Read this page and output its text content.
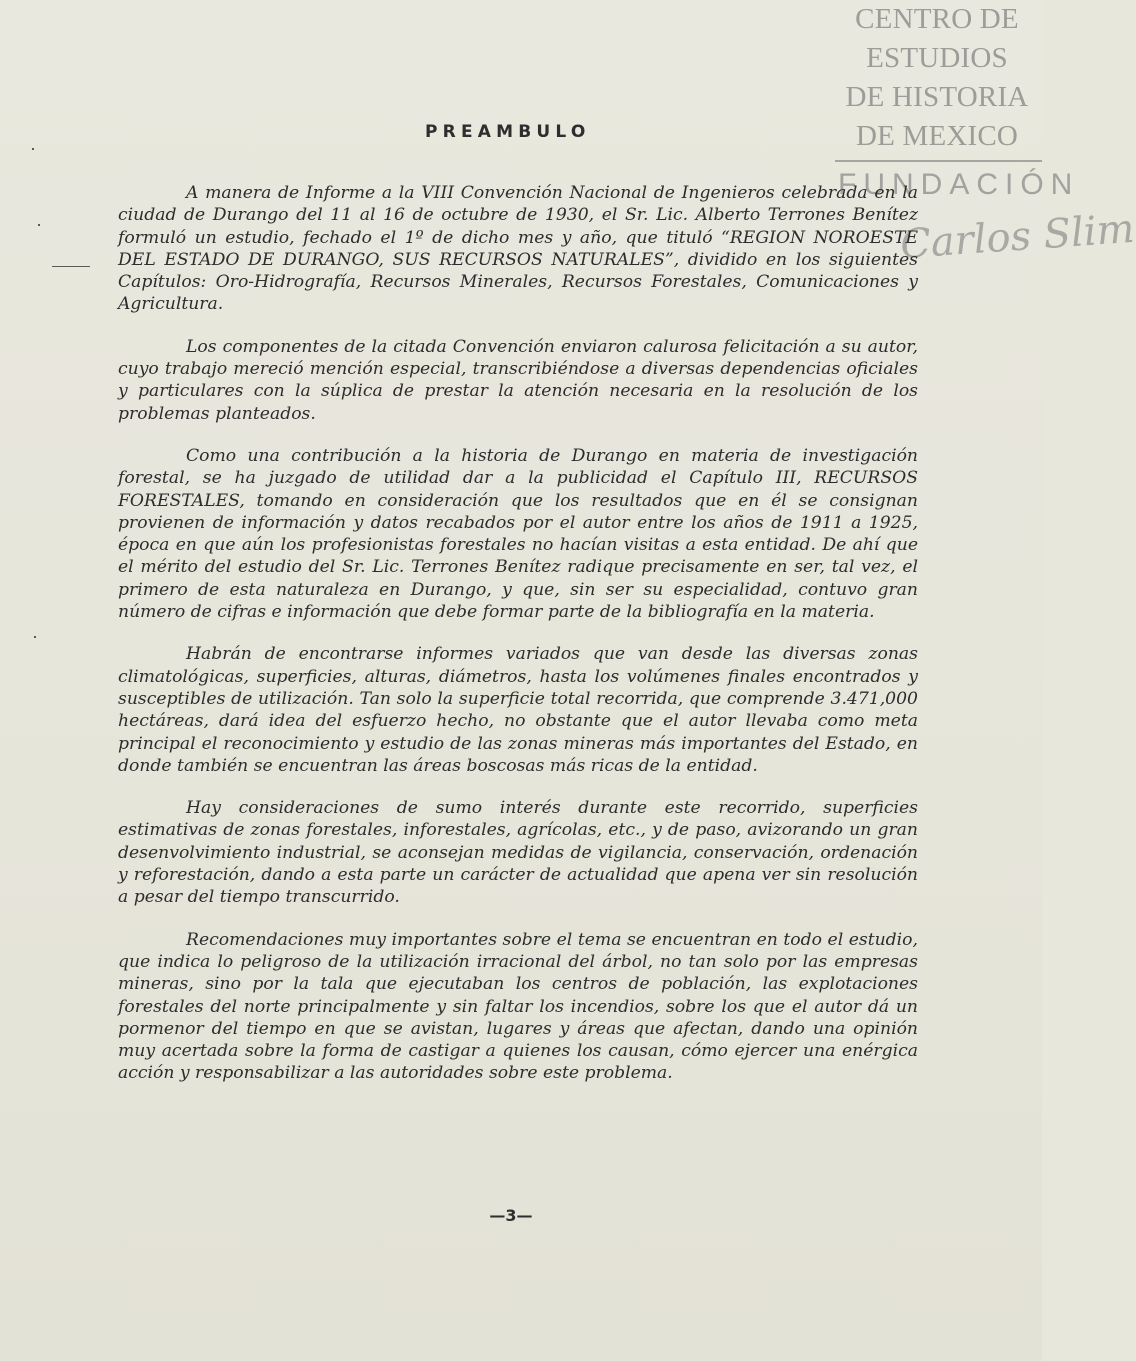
CENTRO DE
ESTUDIOS
DE HISTORIA
DE MEXICO
FUNDACIÓN
Carlos Slim
PREAMBULO

A manera de Informe a la VIII Convención Nacional de Ingenieros celebrada en la ciudad de Durango del 11 al 16 de octubre de 1930, el Sr. Lic. Alberto Terrones Benítez formuló un estudio, fechado el 1º de dicho mes y año, que tituló “REGION NOROESTE DEL ESTADO DE DURANGO, SUS RECURSOS NATURALES”, dividido en los siguientes Capítulos: Oro-Hidrografía, Recursos Minerales, Recursos Forestales, Comunicaciones y Agricultura.

Los componentes de la citada Convención enviaron calurosa felicitación a su autor, cuyo trabajo mereció mención especial, transcribiéndose a diversas dependencias oficiales y particulares con la súplica de prestar la atención necesaria en la resolución de los problemas planteados.

Como una contribución a la historia de Durango en materia de investigación forestal, se ha juzgado de utilidad dar a la publicidad el Capítulo III, RECURSOS FORESTALES, tomando en consideración que los resultados que en él se consignan provienen de información y datos recabados por el autor entre los años de 1911 a 1925, época en que aún los profesionistas forestales no hacían visitas a esta entidad. De ahí que el mérito del estudio del Sr. Lic. Terrones Benítez radique precisamente en ser, tal vez, el primero de esta naturaleza en Durango, y que, sin ser su especialidad, contuvo gran número de cifras e información que debe formar parte de la bibliografía en la materia.

Habrán de encontrarse informes variados que van desde las diversas zonas climatológicas, superficies, alturas, diámetros, hasta los volúmenes finales encontrados y susceptibles de utilización. Tan solo la superficie total recorrida, que comprende 3.471,000 hectáreas, dará idea del esfuerzo hecho, no obstante que el autor llevaba como meta principal el reconocimiento y estudio de las zonas mineras más importantes del Estado, en donde también se encuentran las áreas boscosas más ricas de la entidad.

Hay consideraciones de sumo interés durante este recorrido, superficies estimativas de zonas forestales, inforestales, agrícolas, etc., y de paso, avizorando un gran desenvolvimiento industrial, se aconsejan medidas de vigilancia, conservación, ordenación y reforestación, dando a esta parte un carácter de actualidad que apena ver sin resolución a pesar del tiempo transcurrido.

Recomendaciones muy importantes sobre el tema se encuentran en todo el estudio, que indica lo peligroso de la utilización irracional del árbol, no tan solo por las empresas mineras, sino por la tala que ejecutaban los centros de población, las explotaciones forestales del norte principalmente y sin faltar los incendios, sobre los que el autor dá un pormenor del tiempo en que se avistan, lugares y áreas que afectan, dando una opinión muy acertada sobre la forma de castigar a quienes los causan, cómo ejercer una enérgica acción y responsabilizar a las autoridades sobre este problema.

—3—
